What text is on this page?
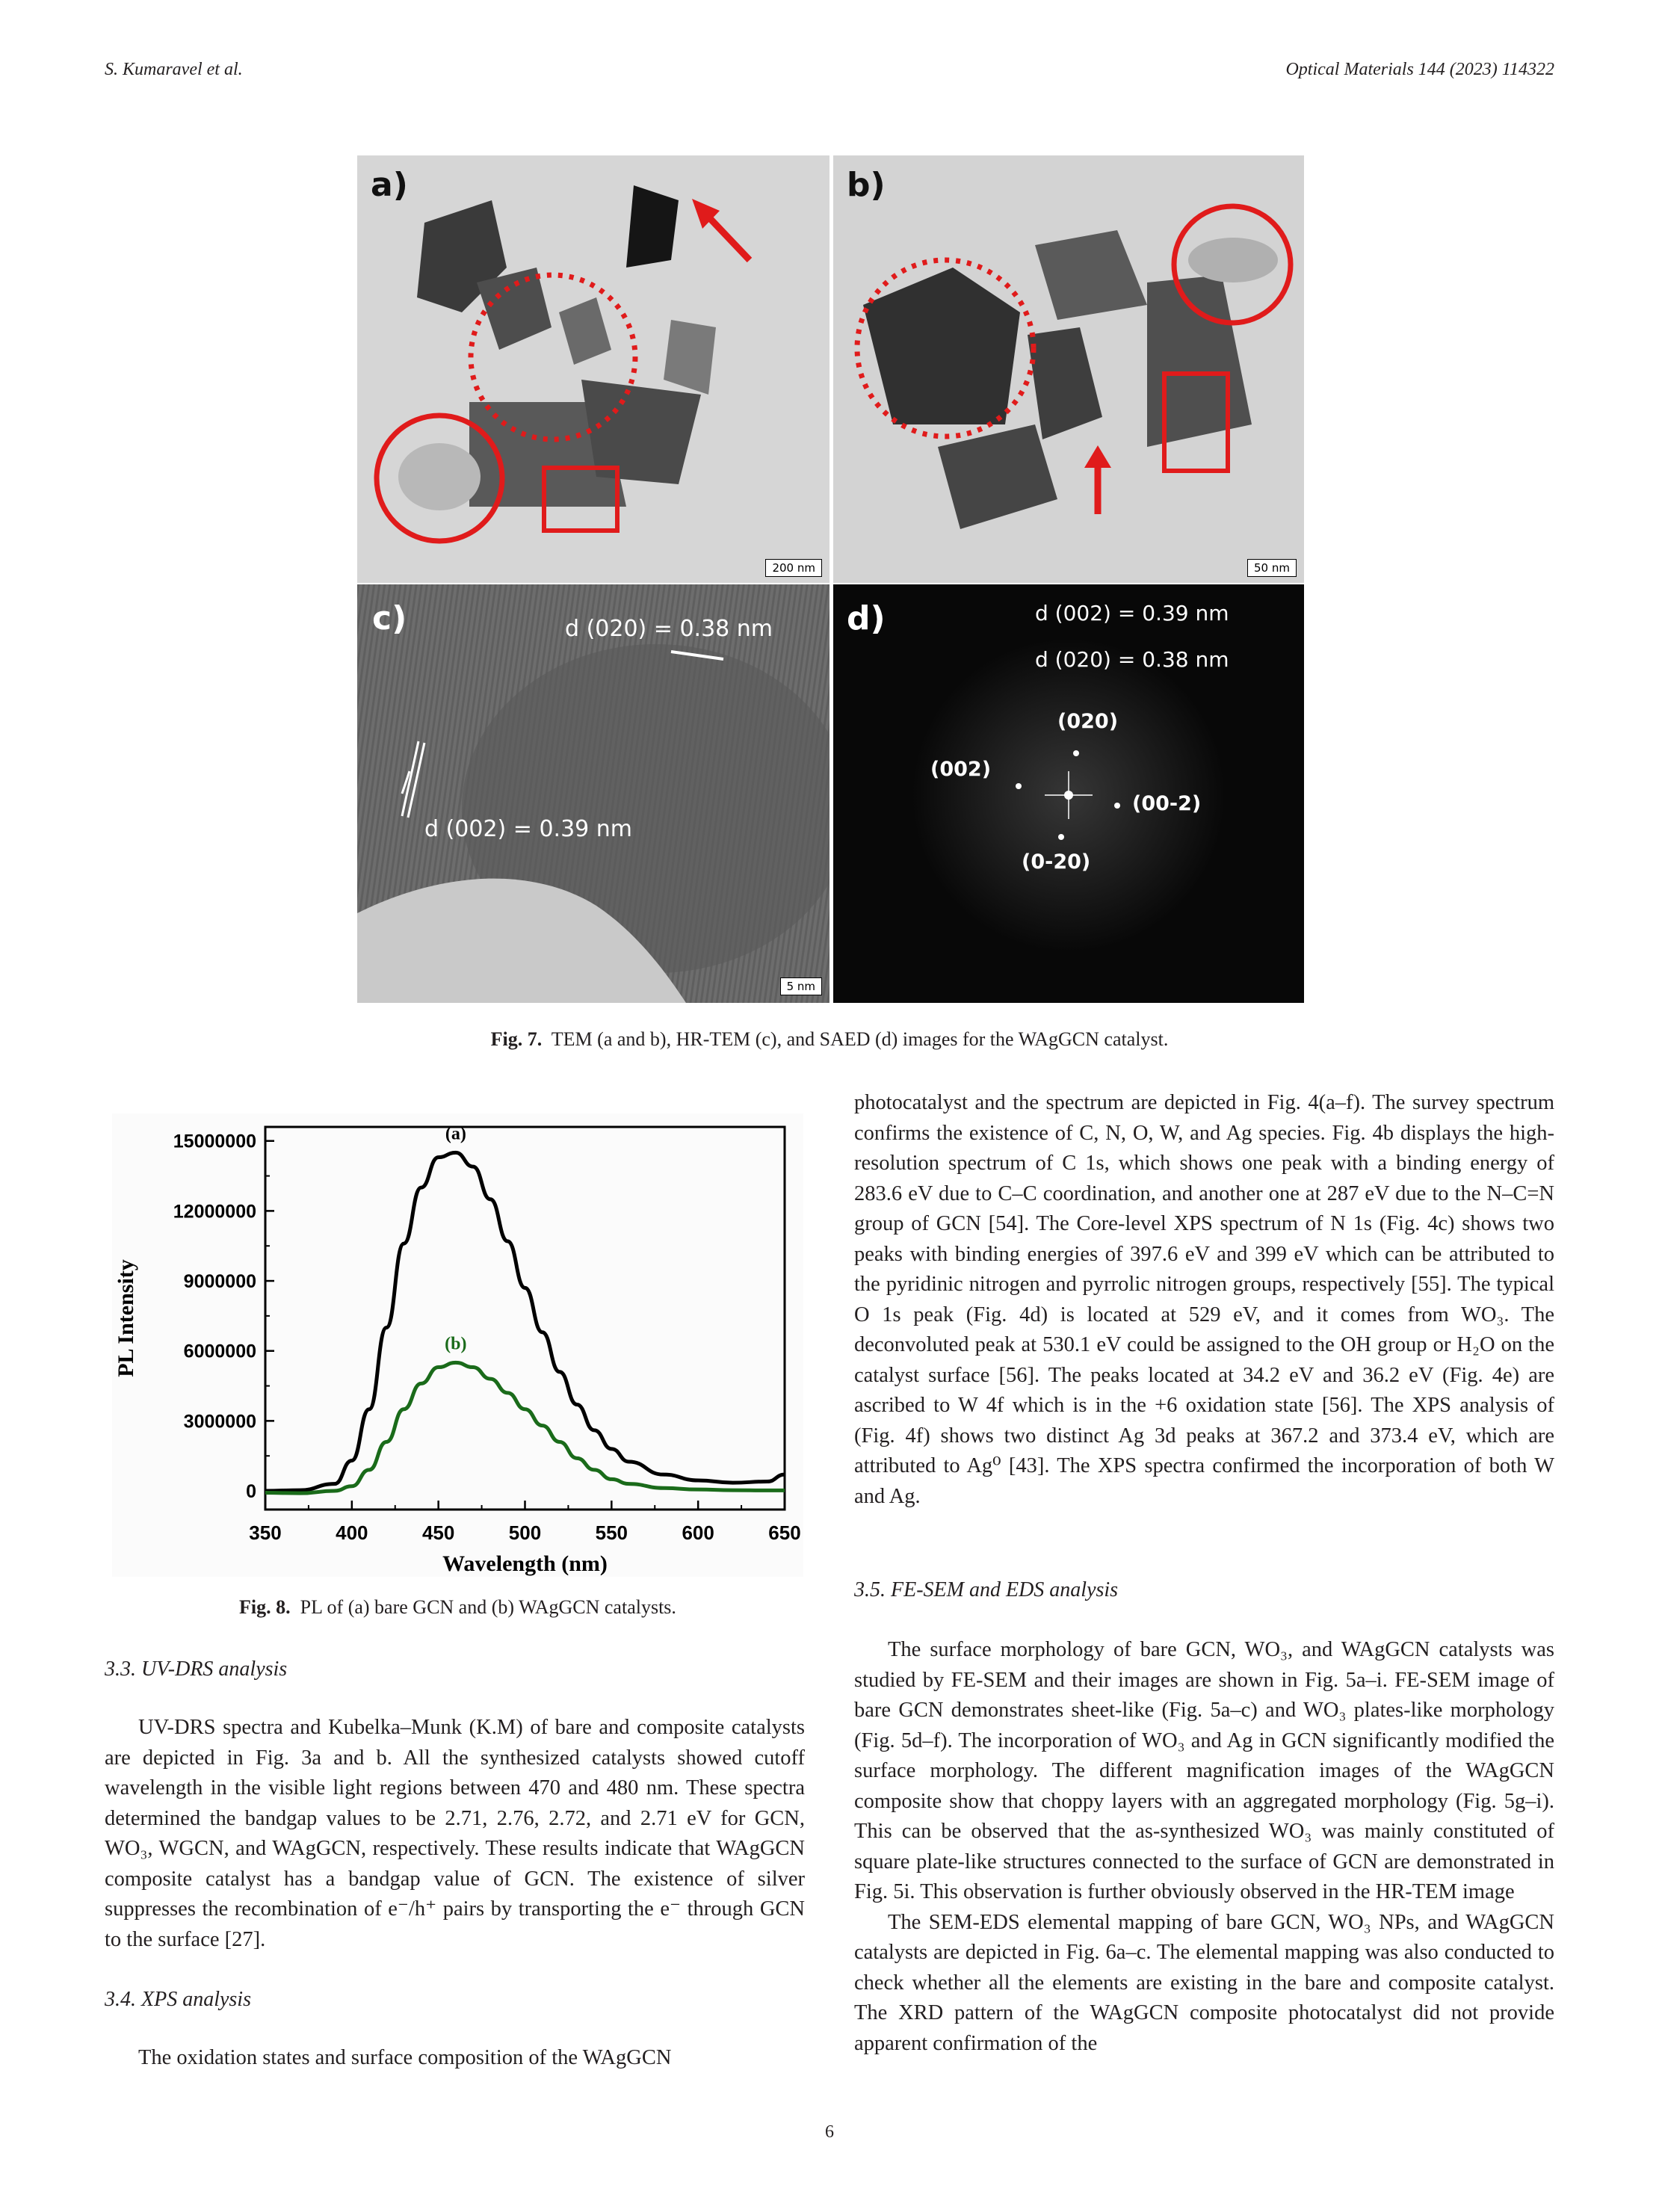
S. Kumaravel et al.	Optical Materials 144 (2023) 114322
a)
200 nm
b)
50 nm
c)	d (020) = 0.38 nm
d (002) = 0.39 nm
5 nm
d)	d (002) = 0.39 nm
d (020) = 0.38 nm
(020)
(002)
(00-2)
(0-20)
Fig. 7. TEM (a and b), HR-TEM (c), and SAED (d) images for the WAgGCN catalyst.
350	400	450	500	550	600	650
0
3000000
6000000
9000000
12000000
15000000
Wavelength (nm)
PL Intensity
(a)
(b)
Fig. 8. PL of (a) bare GCN and (b) WAgGCN catalysts.
3.3. UV-DRS analysis

UV-DRS spectra and Kubelka–Munk (K.M) of bare and composite catalysts are depicted in Fig. 3a and b. All the synthesized catalysts showed cutoff wavelength in the visible light regions between 470 and 480 nm. These spectra determined the bandgap values to be 2.71, 2.76, 2.72, and 2.71 eV for GCN, WO₃, WGCN, and WAgGCN, respectively. These results indicate that WAgGCN composite catalyst has a bandgap value of GCN. The existence of silver suppresses the recombination of e⁻/h⁺ pairs by transporting the e⁻ through GCN to the surface [27].

3.4. XPS analysis

The oxidation states and surface composition of the WAgGCN

photocatalyst and the spectrum are depicted in Fig. 4(a–f). The survey spectrum confirms the existence of C, N, O, W, and Ag species. Fig. 4b displays the high-resolution spectrum of C 1s, which shows one peak with a binding energy of 283.6 eV due to C–C coordination, and another one at 287 eV due to the N–C=N group of GCN [54]. The Core-level XPS spectrum of N 1s (Fig. 4c) shows two peaks with binding energies of 397.6 eV and 399 eV which can be attributed to the pyridinic nitrogen and pyrrolic nitrogen groups, respectively [55]. The typical O 1s peak (Fig. 4d) is located at 529 eV, and it comes from WO₃. The deconvoluted peak at 530.1 eV could be assigned to the OH group or H₂O on the catalyst surface [56]. The peaks located at 34.2 eV and 36.2 eV (Fig. 4e) are ascribed to W 4f which is in the +6 oxidation state [56]. The XPS analysis of (Fig. 4f) shows two distinct Ag 3d peaks at 367.2 and 373.4 eV, which are attributed to Ag⁰ [43]. The XPS spectra confirmed the incorporation of both W and Ag.

3.5. FE-SEM and EDS analysis

The surface morphology of bare GCN, WO₃, and WAgGCN catalysts was studied by FE-SEM and their images are shown in Fig. 5a–i. FE-SEM image of bare GCN demonstrates sheet-like (Fig. 5a–c) and WO₃ plates-like morphology (Fig. 5d–f). The incorporation of WO₃ and Ag in GCN significantly modified the surface morphology. The different magnification images of the WAgGCN composite show that choppy layers with an aggregated morphology (Fig. 5g–i). This can be observed that the as-synthesized WO₃ was mainly constituted of square plate-like structures connected to the surface of GCN are demonstrated in Fig. 5i. This observation is further obviously observed in the HR-TEM image

The SEM-EDS elemental mapping of bare GCN, WO₃ NPs, and WAgGCN catalysts are depicted in Fig. 6a–c. The elemental mapping was also conducted to check whether all the elements are existing in the bare and composite catalyst. The XRD pattern of the WAgGCN composite photocatalyst did not provide apparent confirmation of the

6
